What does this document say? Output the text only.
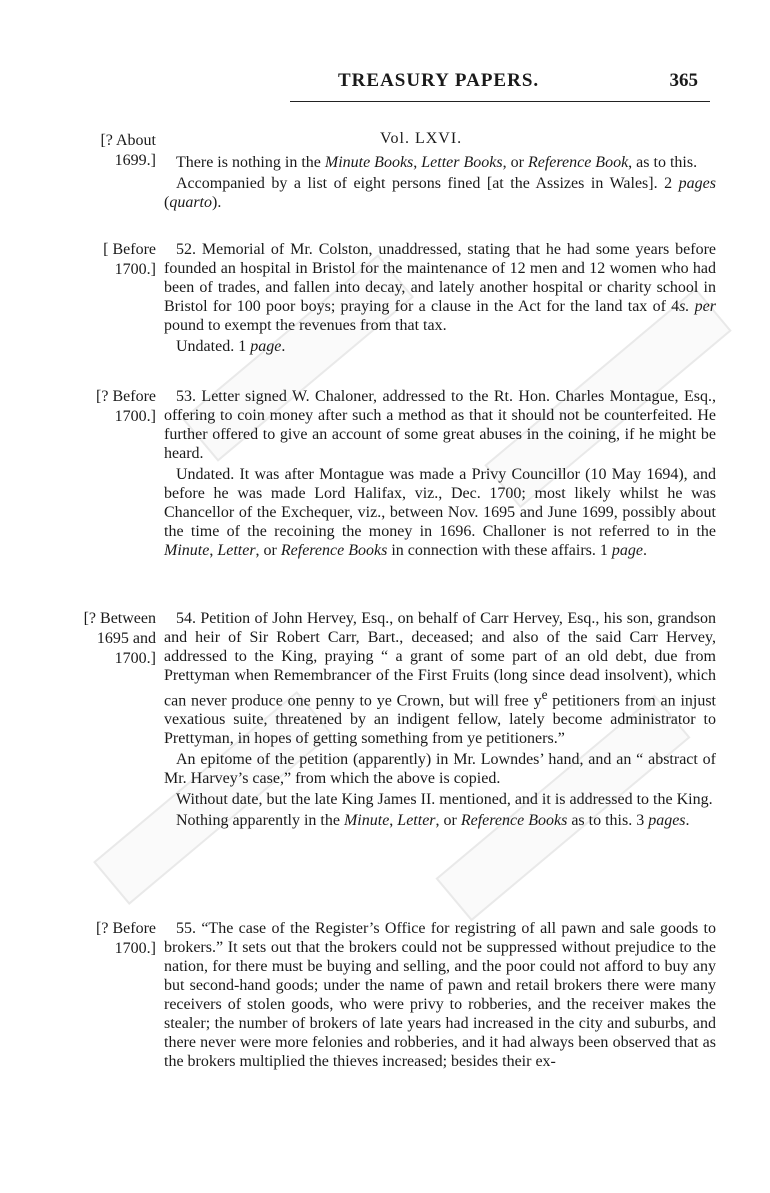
TREASURY PAPERS.	365
Vol. LXVI.
[? About
1699.]	There is nothing in the Minute Books, Letter Books, or Reference Book, as to this.

Accompanied by a list of eight persons fined [at the Assizes in Wales]. 2 pages (quarto).

[ Before
1700.]

52. Memorial of Mr. Colston, unaddressed, stating that he had some years before founded an hospital in Bristol for the maintenance of 12 men and 12 women who had been of trades, and fallen into decay, and lately another hospital or charity school in Bristol for 100 poor boys; praying for a clause in the Act for the land tax of 4s. per pound to exempt the revenues from that tax.

Undated. 1 page.

[? Before
1700.]

53. Letter signed W. Chaloner, addressed to the Rt. Hon. Charles Montague, Esq., offering to coin money after such a method as that it should not be counterfeited. He further offered to give an account of some great abuses in the coining, if he might be heard.

Undated. It was after Montague was made a Privy Councillor (10 May 1694), and before he was made Lord Halifax, viz., Dec. 1700; most likely whilst he was Chancellor of the Exchequer, viz., between Nov. 1695 and June 1699, possibly about the time of the recoining the money in 1696. Challoner is not referred to in the Minute, Letter, or Reference Books in connection with these affairs. 1 page.

[? Between
1695 and
1700.]

54. Petition of John Hervey, Esq., on behalf of Carr Hervey, Esq., his son, grandson and heir of Sir Robert Carr, Bart., deceased; and also of the said Carr Hervey, addressed to the King, praying “ a grant of some part of an old debt, due from Prettyman when Remembrancer of the First Fruits (long since dead insolvent), which can never produce one penny to ye Crown, but will free $y^e$ petitioners from an injust vexatious suite, threatened by an indigent fellow, lately become administrator to Prettyman, in hopes of getting something from ye petitioners.”

An epitome of the petition (apparently) in Mr. Lowndes’ hand, and an “ abstract of Mr. Harvey’s case,” from which the above is copied.

Without date, but the late King James II. mentioned, and it is addressed to the King.

Nothing apparently in the Minute, Letter, or Reference Books as to this. 3 pages.

[? Before
1700.]

55. “The case of the Register’s Office for registring of all pawn and sale goods to brokers.” It sets out that the brokers could not be suppressed without prejudice to the nation, for there must be buying and selling, and the poor could not afford to buy any but second-hand goods; under the name of pawn and retail brokers there were many receivers of stolen goods, who were privy to robberies, and the receiver makes the stealer; the number of brokers of late years had increased in the city and suburbs, and there never were more felonies and robberies, and it had always been observed that as the brokers multiplied the thieves increased; besides their ex-
